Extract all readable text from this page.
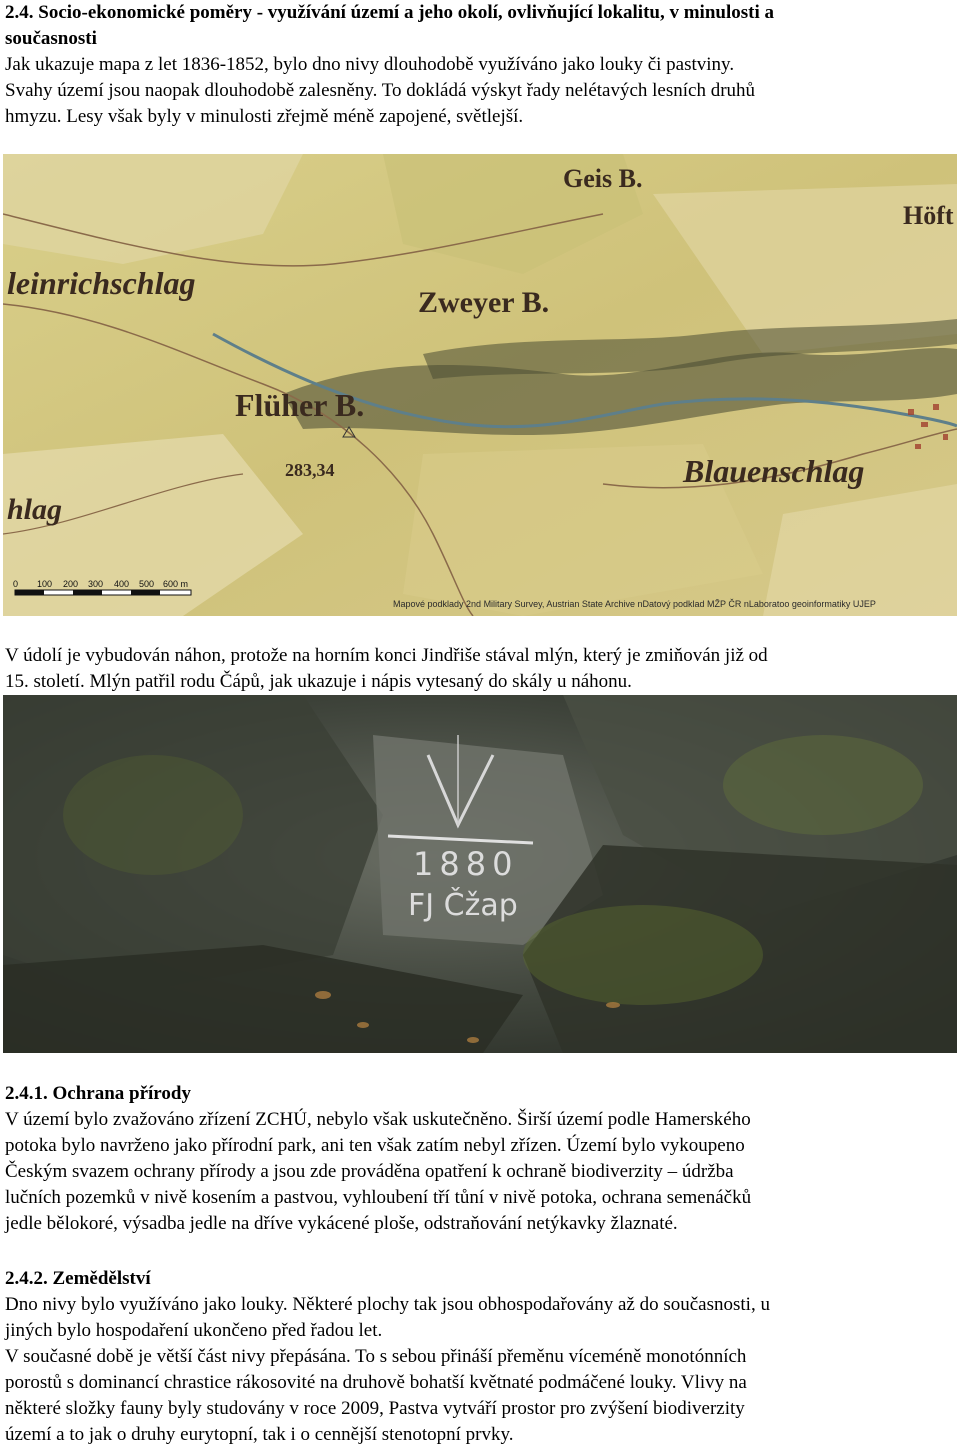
2.4. Socio-ekonomické poměry - využívání území a jeho okolí, ovlivňující lokalitu, v minulosti a

současnosti

Jak ukazuje mapa z let 1836-1852, bylo dno nivy dlouhodobě využíváno jako louky či pastviny.

Svahy území jsou naopak dlouhodobě zalesněny. To dokládá výskyt řady nelétavých lesních druhů

hmyzu. Lesy však byly v minulosti zřejmě méně zapojené, světlejší.

Geis B.
Höft
leinrichschlag
Zweyer B.
Flüher B.
283,34	Blauenschlag
hlag
0 100 200 300 400 500 600 m
Mapové podklady 2nd Military Survey, Austrian State Archive nDatový podklad MŽP ČR nLaboratoo geoinformatiky UJEP

V údolí je vybudován náhon, protože na horním konci Jindřiše stával mlýn, který je zmiňován již od

15. století. Mlýn patřil rodu Čápů, jak ukazuje i nápis vytesaný do skály u náhonu.

1880
FJ Čžap

2.4.1. Ochrana přírody

V území bylo zvažováno zřízení ZCHÚ, nebylo však uskutečněno. Širší území podle Hamerského

potoka bylo navrženo jako přírodní park, ani ten však zatím nebyl zřízen. Území bylo vykoupeno

Českým svazem ochrany přírody a jsou zde prováděna opatření k ochraně biodiverzity – údržba

lučních pozemků v nivě kosením a pastvou, vyhloubení tří tůní v nivě potoka, ochrana semenáčků

jedle bělokoré, výsadba jedle na dříve vykácené ploše, odstraňování netýkavky žlaznaté.

2.4.2. Zemědělství

Dno nivy bylo využíváno jako louky. Některé plochy tak jsou obhospodařovány až do současnosti, u

jiných bylo hospodaření ukončeno před řadou let.

V současné době je větší část nivy přepásána. To s sebou přináší přeměnu víceméně monotónních

porostů s dominancí chrastice rákosovité na druhově bohatší květnaté podmáčené louky. Vlivy na

některé složky fauny byly studovány v roce 2009, Pastva vytváří prostor pro zvýšení biodiverzity

území a to jak o druhy eurytopní, tak i o cennější stenotopní prvky.
